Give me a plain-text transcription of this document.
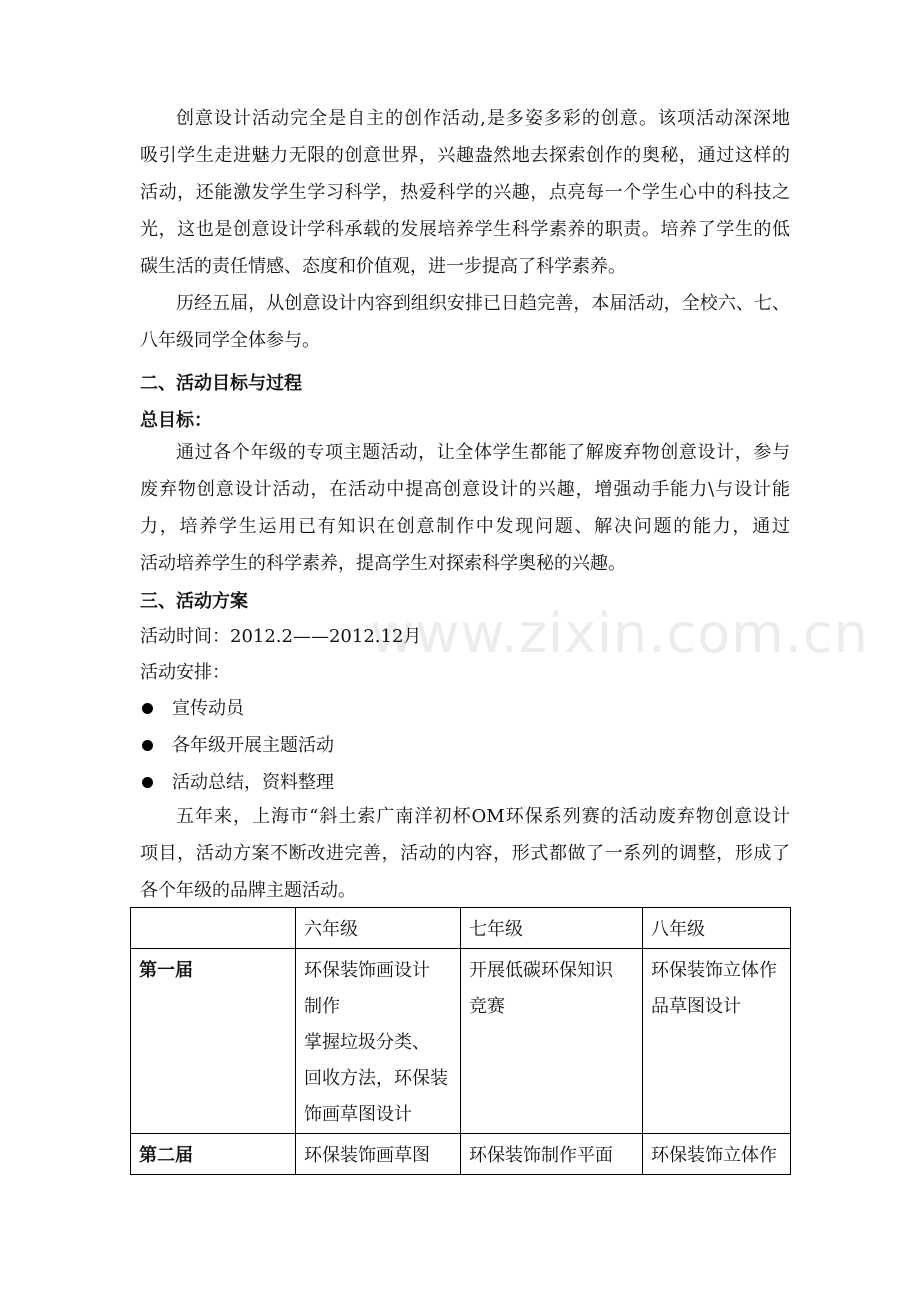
www.zixin.com.cn

创意设计活动完全是自主的创作活动,是多姿多彩的创意。该项活动深深地
吸引学生走进魅力无限的创意世界，兴趣盎然地去探索创作的奥秘，通过这样的
活动，还能激发学生学习科学，热爱科学的兴趣，点亮每一个学生心中的科技之
光，这也是创意设计学科承载的发展培养学生科学素养的职责。培养了学生的低
碳生活的责任情感、态度和价值观，进一步提高了科学素养。

历经五届，从创意设计内容到组织安排已日趋完善，本届活动，全校六、七、
八年级同学全体参与。

二、活动目标与过程
总目标：

通过各个年级的专项主题活动，让全体学生都能了解废弃物创意设计，参与
废弃物创意设计活动，在活动中提高创意设计的兴趣，增强动手能力\与设计能
力，培养学生运用已有知识在创意制作中发现问题、解决问题的能力，通过
活动培养学生的科学素养，提高学生对探索科学奥秘的兴趣。

三、活动方案

活动时间：2012.2——2012.12月

活动安排：

宣传动员
各年级开展主题活动
活动总结，资料整理

五年来，上海市“斜土索广南洋初杯OM环保系列赛的活动废弃物创意设计
项目，活动方案不断改进完善，活动的内容，形式都做了一系列的调整，形成了
各个年级的品牌主题活动。

	六年级	七年级	八年级
第一届	环保装饰画设计
制作
掌握垃圾分类、
回收方法，环保装
饰画草图设计	开展低碳环保知识
竞赛	环保装饰立体作
品草图设计

第二届	环保装饰画草图	环保装饰制作平面	环保装饰立体作
